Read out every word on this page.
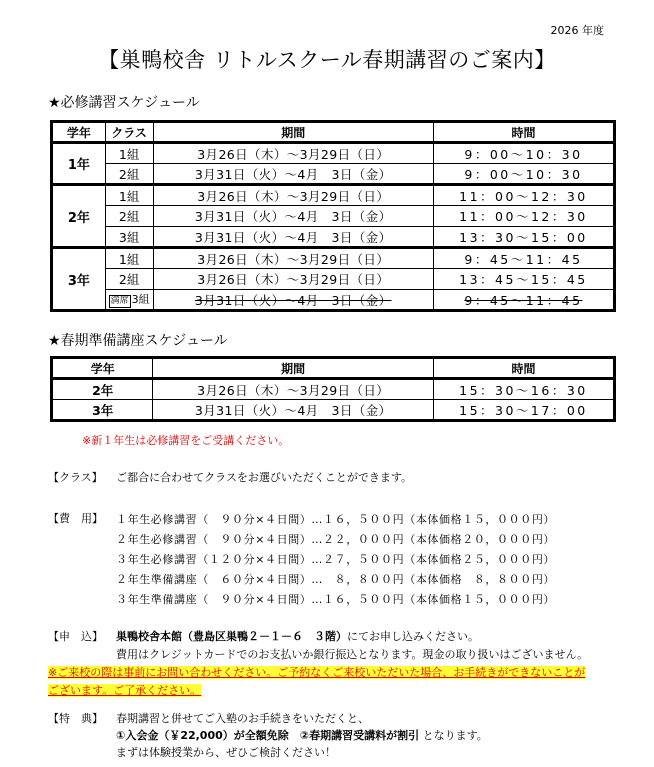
2026 年度
【巣鴨校舎 リトルスクール春期講習のご案内】
★必修講習スケジュール
学年	クラス	期間	時間
1年	1組	3月26日（木）～3月29日（日）	9：00～10：30
	2組	3月31日（火）～4月　3日（金）	9：00～10：30
2年	1組	3月26日（木）～3月29日（日）	11：00～12：30
	2組	3月31日（火）～4月　3日（金）	11：00～12：30
	3組	3月31日（火）～4月　3日（金）	13：30～15：00
3年	1組	3月26日（木）～3月29日（日）	9：45～11：45
	2組	3月26日（木）～3月29日（日）	13：45～15：45
	満席 3組	3月31日（火）～4月　3日（金）	9：45～11：45
★春期準備講座スケジュール
学年	期間	時間
2年	3月26日（木）～3月29日（日）	15：30～16：30
3年	3月31日（火）～4月　3日（金）	15：30～17：00
※新１年生は必修講習をご受講ください。
【クラス】 ご都合に合わせてクラスをお選びいただくことができます。
【費　用】 １年生必修講習（　９０分×４日間）…１６，５００円（本体価格１５，０００円）
２年生必修講習（　９０分×４日間）…２２，０００円（本体価格２０，０００円）
３年生必修講習（１２０分×４日間）…２７，５００円（本体価格２５，０００円）
２年生準備講座（　６０分×４日間）…　８，８００円（本体価格　８，８００円）
３年生準備講座（　９０分×４日間）…１６，５００円（本体価格１５，０００円）
【申　込】 巣鴨校舎本館（豊島区巣鴨２－１－６　３階）にてお申し込みください。
費用はクレジットカードでのお支払いか銀行振込となります。現金の取り扱いはございません。
※ご来校の際は事前にお問い合わせください。ご予約なくご来校いただいた場合、お手続きができないことが
ございます。ご了承ください。
【特　典】 春期講習と併せてご入塾のお手続きをいただくと、
①入会金（￥22,000）が全額免除　②春期講習受講料が割引 となります。
まずは体験授業から、ぜひご検討ください！
